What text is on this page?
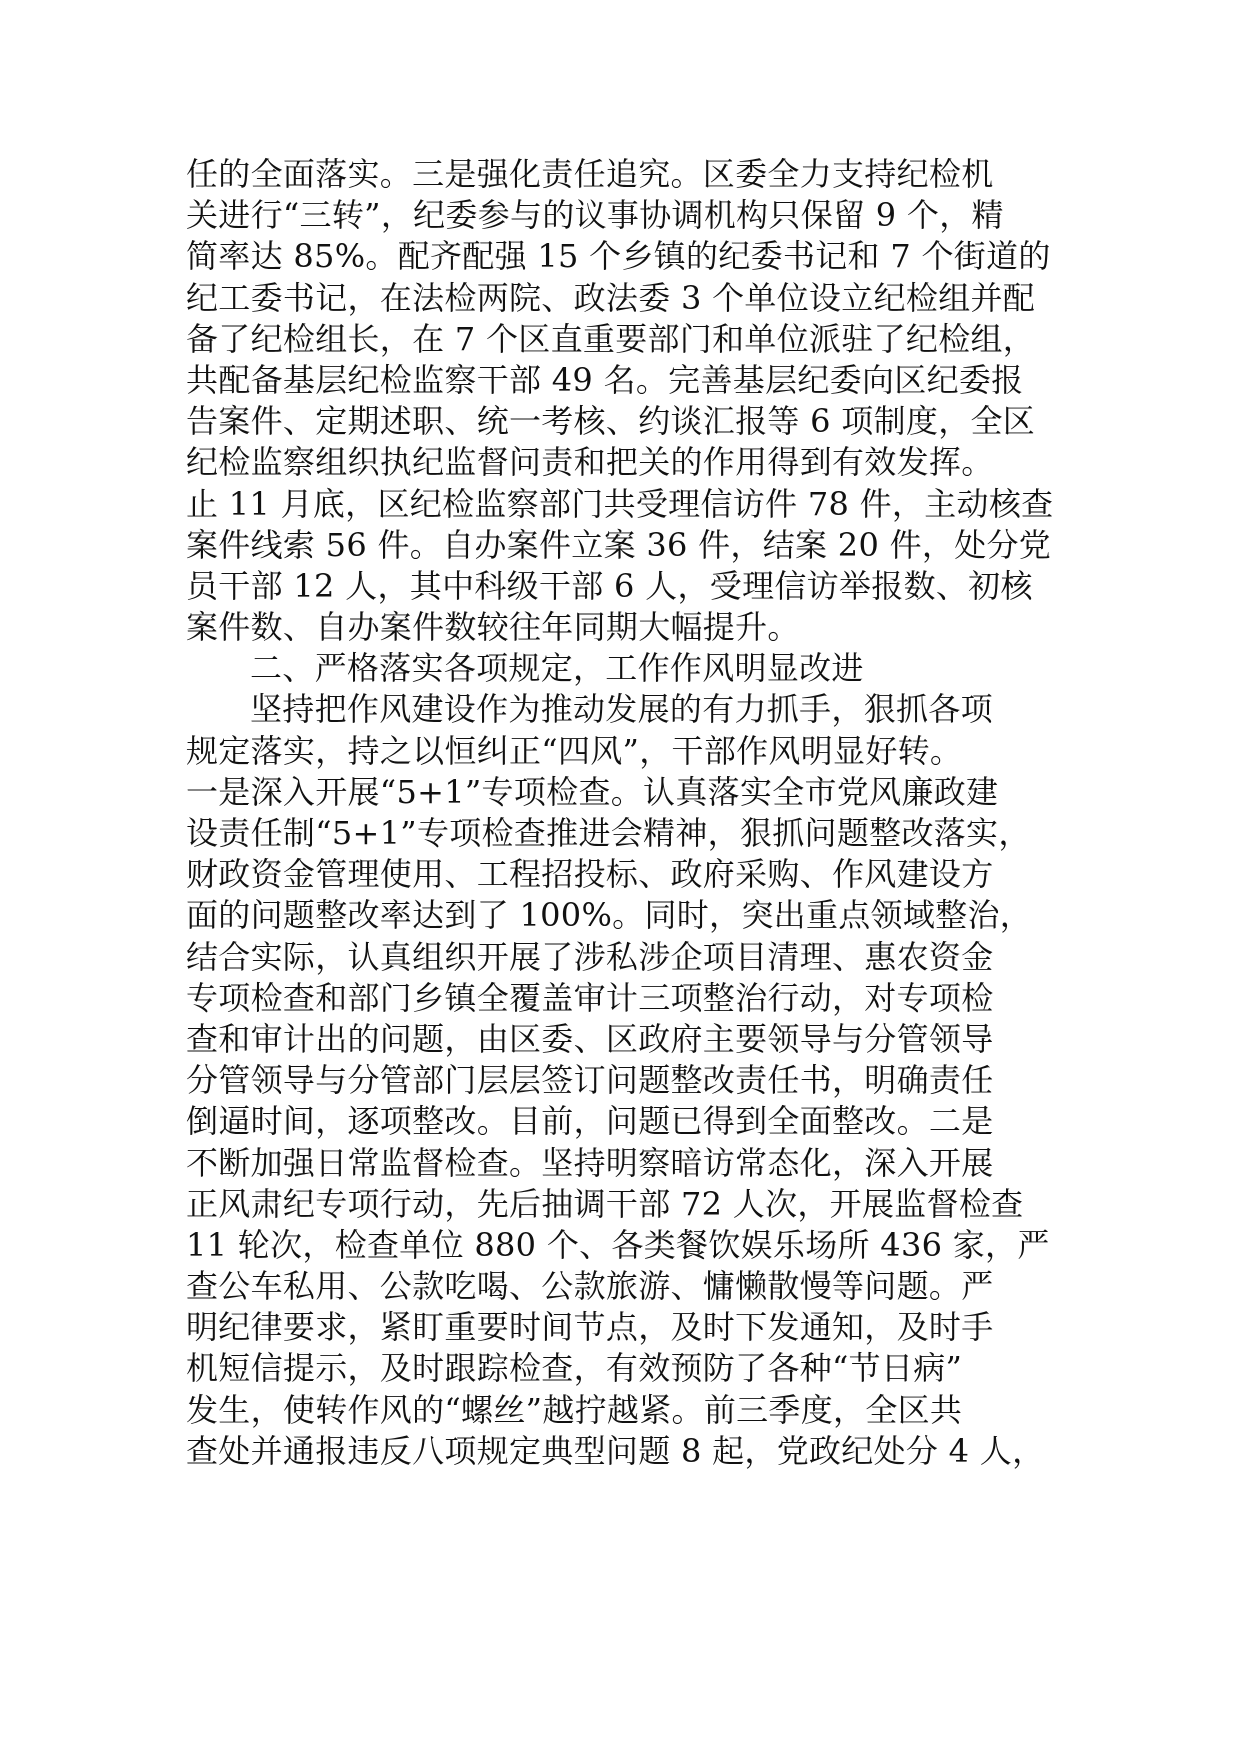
任的全面落实。三是强化责任追究。区委全力支持纪检机
关进行“三转”，纪委参与的议事协调机构只保留 9 个，精
简率达 85%。配齐配强 15 个乡镇的纪委书记和 7 个街道的
纪工委书记，在法检两院、政法委 3 个单位设立纪检组并配
备了纪检组长，在 7 个区直重要部门和单位派驻了纪检组，
共配备基层纪检监察干部 49 名。完善基层纪委向区纪委报
告案件、定期述职、统一考核、约谈汇报等 6 项制度，全区
纪检监察组织执纪监督问责和把关的作用得到有效发挥。
止 11 月底，区纪检监察部门共受理信访件 78 件，主动核查
案件线索 56 件。自办案件立案 36 件，结案 20 件，处分党
员干部 12 人，其中科级干部 6 人，受理信访举报数、初核
案件数、自办案件数较往年同期大幅提升。
二、严格落实各项规定，工作作风明显改进
坚持把作风建设作为推动发展的有力抓手，狠抓各项
规定落实，持之以恒纠正“四风”，干部作风明显好转。
一是深入开展“5+1”专项检查。认真落实全市党风廉政建
设责任制“5+1”专项检查推进会精神，狠抓问题整改落实，
财政资金管理使用、工程招投标、政府采购、作风建设方
面的问题整改率达到了 100%。同时，突出重点领域整治，
结合实际，认真组织开展了涉私涉企项目清理、惠农资金
专项检查和部门乡镇全覆盖审计三项整治行动，对专项检
查和审计出的问题，由区委、区政府主要领导与分管领导
分管领导与分管部门层层签订问题整改责任书，明确责任
倒逼时间，逐项整改。目前，问题已得到全面整改。二是
不断加强日常监督检查。坚持明察暗访常态化，深入开展
正风肃纪专项行动，先后抽调干部 72 人次，开展监督检查
11 轮次，检查单位 880 个、各类餐饮娱乐场所 436 家，严
查公车私用、公款吃喝、公款旅游、慵懒散慢等问题。严
明纪律要求，紧盯重要时间节点，及时下发通知，及时手
机短信提示，及时跟踪检查，有效预防了各种“节日病”
发生，使转作风的“螺丝”越拧越紧。前三季度，全区共
查处并通报违反八项规定典型问题 8 起，党政纪处分 4 人，
